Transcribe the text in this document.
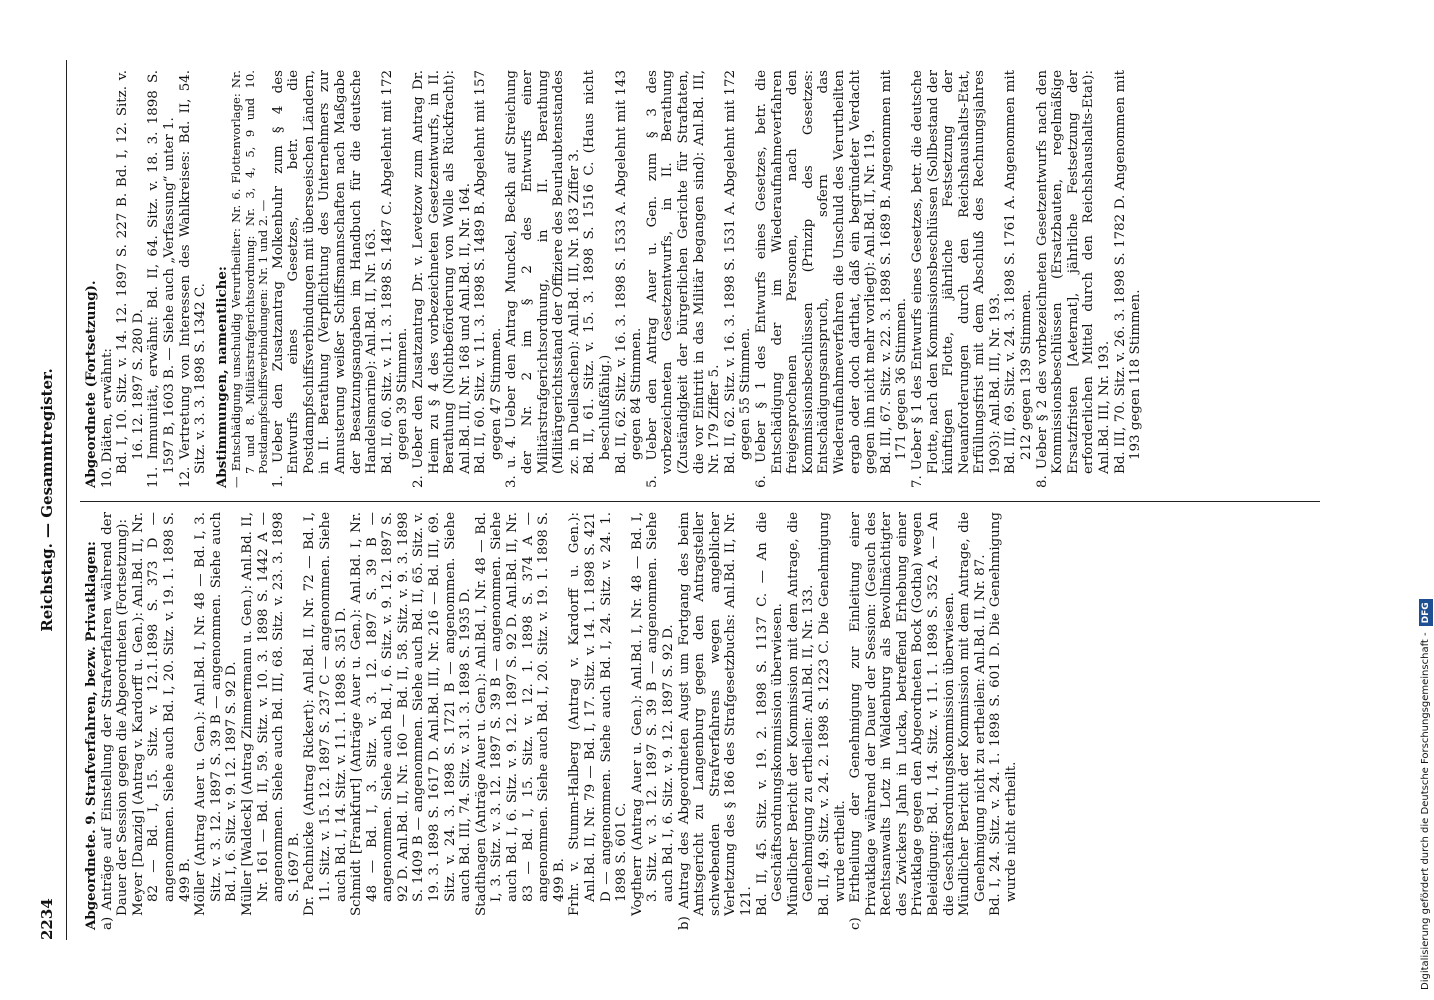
2234
Reichstag. — Gesammtregister.
Abgeordnete. 9. Strafverfahren, bezw. Privatklagen: a) Anträge auf Einstellung der Strafverfahren während der Dauer der Session gegen die Abgeordneten (Fortsetzung): Meyer [Danzig] (Antrag v. Kardorff u. Gen.): Anl.Bd. II, Nr. 82 — Bd. I, 15. Sitz. v. 12.1.1898 S. 373 D — angenommen. Siehe auch Bd. I, 20. Sitz. v. 19. 1. 1898 S. 499 B. Möller (Antrag Auer u. Gen.): Anl.Bd. I, Nr. 48 — Bd. I, 3. Sitz. v. 3. 12. 1897 S. 39 B — angenommen. Siehe auch Bd. I, 6. Sitz. v. 9. 12. 1897 S. 92 D. Müller [Waldeck] (Antrag Zimmermann u. Gen.): Anl.Bd. II, Nr. 161 — Bd. II, 59. Sitz. v. 10. 3. 1898 S. 1442 A — angenommen. Siehe auch Bd. III, 68. Sitz. v. 23. 3. 1898 S. 1697 B. Dr. Pachnicke (Antrag Rickert): Anl.Bd. II, Nr. 72 — Bd. I, 11. Sitz. v. 15. 12. 1897 S. 237 C — angenommen. Siehe auch Bd. I, 14. Sitz. v. 11. 1. 1898 S. 351 D. Schmidt [Frankfurt] (Anträge Auer u. Gen.): Anl.Bd. I, Nr. 48 — Bd. I, 3. Sitz. v. 3. 12. 1897 S. 39 B — angenommen. Siehe auch Bd. I, 6. Sitz. v. 9. 12. 1897 S. 92 D. Anl.Bd. II, Nr. 160 — Bd. II, 58. Sitz. v. 9. 3. 1898 S. 1409 B — angenommen. Siehe auch Bd. II, 65. Sitz. v. 19. 3. 1898 S. 1617 D. Anl.Bd. III, Nr. 216 — Bd. III, 69. Sitz. v. 24. 3. 1898 S. 1721 B — angenommen. Siehe auch Bd. III, 74. Sitz. v. 31. 3. 1898 S. 1935 D. Stadthagen (Anträge Auer u. Gen.): Anl.Bd. I, Nr. 48 — Bd. I, 3. Sitz. v. 3. 12. 1897 S. 39 B — angenommen. Siehe auch Bd. I, 6. Sitz. v. 9. 12. 1897 S. 92 D. Anl.Bd. II, Nr. 83 — Bd. I, 15. Sitz. v. 12. 1. 1898 S. 374 A — angenommen. Siehe auch Bd. I, 20. Sitz. v. 19. 1. 1898 S. 499 B. Frhr. v. Stumm-Halberg (Antrag v. Kardorff u. Gen.): Anl.Bd. II, Nr. 79 — Bd. I, 17. Sitz. v. 14. 1. 1898 S. 421 D — angenommen. Siehe auch Bd. I, 24. Sitz. v. 24. 1. 1898 S. 601 C. Vogtherr (Antrag Auer u. Gen.): Anl.Bd. I, Nr. 48 — Bd. I, 3. Sitz. v. 3. 12. 1897 S. 39 B — angenommen. Siehe auch Bd. I, 6. Sitz. v. 9. 12. 1897 S. 92 D. b) Antrag des Abgeordneten Augst um Fortgang des beim Amtsgericht zu Langenburg gegen den Antragsteller schwebenden Strafverfahrens wegen angeblicher Verletzung des § 186 des Strafgesetzbuchs: Anl.Bd. II, Nr. 121. Bd. II, 45. Sitz. v. 19. 2. 1898 S. 1137 C. — An die Geschäftsordnungskommission überwiesen. Mündlicher Bericht der Kommission mit dem Antrage, die Genehmigung zu ertheilen: Anl.Bd. II, Nr. 133. Bd. II, 49. Sitz. v. 24. 2. 1898 S. 1223 C. Die Genehmigung wurde ertheilt. c) Ertheilung der Genehmigung zur Einleitung einer Privatklage während der Dauer der Session: (Gesuch des Rechtsanwalts Lotz in Waldenburg als Bevollmächtigter des Zwickers Jahn in Lucka, betreffend Erhebung einer Privatklage gegen den Abgeordneten Bock (Gotha) wegen Beleidigung: Bd. I, 14. Sitz. v. 11. 1. 1898 S. 352 A. — An die Geschäftsordnungskommission überwiesen. Mündlicher Bericht der Kommission mit dem Antrage, die Genehmigung nicht zu ertheilen: Anl.Bd. II, Nr. 87. Bd. I, 24. Sitz. v. 24. 1. 1898 S. 601 D. Die Genehmigung wurde nicht ertheilt.
Abgeordnete (Fortsetzung). 10. Diäten, erwähnt: Bd. I, 10. Sitz. v. 14. 12. 1897 S. 227 B. Bd. I, 12. Sitz. v. 16. 12. 1897 S. 280 D. 11. Immunität, erwähnt: Bd. II, 64. Sitz. v. 18. 3. 1898 S. 1597 B, 1603 B. — Siehe auch „Verfassung“ unter 1. 12. Vertretung von Interessen des Wahlkreises: Bd. II, 54. Sitz. v. 3. 3. 1898 S. 1342 C. Abstimmungen, namentliche: — Entschädigung unschuldig Verurtheilter: Nr. 6. Flottenvorlage: Nr. 7 und 8. Militärstrafgerichtsordnung: Nr. 3, 4, 5, 9 und 10. Postdampfschiffsverbindungen: Nr. 1 und 2. — 1. Ueber den Zusatzantrag Molkenbuhr zum § 4 des Entwurfs eines Gesetzes, betr. die Postdampfschiffsverbindungen mit überseeischen Ländern, in II. Berathung (Verpflichtung des Unternehmers zur Annusterung weißer Schiffsmannschaften nach Maßgabe der Besatzungsangaben im Handbuch für die deutsche Handelsmarine): Anl.Bd. II, Nr. 163. Bd. II, 60. Sitz. v. 11. 3. 1898 S. 1487 C. Abgelehnt mit 172 gegen 39 Stimmen. 2. Ueber den Zusatzantrag Dr. v. Levetzow zum Antrag Dr. Heim zu § 4 des vorbezeichneten Gesetzentwurfs, in II. Berathung (Nichtbeförderung von Wolle als Rückfracht): Anl.Bd. III, Nr. 168 und Anl.Bd. II, Nr. 164. Bd. II, 60. Sitz. v. 11. 3. 1898 S. 1489 B. Abgelehnt mit 157 gegen 47 Stimmen. 3. u. 4. Ueber den Antrag Munckel, Beckh auf Streichung der Nr. 2 im § 2 des Entwurfs einer Militärstrafgerichtsordnung, in II. Berathung (Militärgerichtsstand der Offiziere des Beurlaubtenstandes zc. in Duellsachen): Anl.Bd. III, Nr. 183 Ziffer 3. Bd. II, 61. Sitz. v. 15. 3. 1898 S. 1516 C. (Haus nicht beschlußfähig.) Bd. II, 62. Sitz. v. 16. 3. 1898 S. 1533 A. Abgelehnt mit 143 gegen 84 Stimmen. 5. Ueber den Antrag Auer u. Gen. zum § 3 des vorbezeichneten Gesetzentwurfs, in II. Berathung (Zuständigkeit der bürgerlichen Gerichte für Straftaten, die vor Eintritt in das Militär begangen sind): Anl.Bd. III, Nr. 179 Ziffer 5. Bd. II, 62. Sitz. v. 16. 3. 1898 S. 1531 A. Abgelehnt mit 172 gegen 55 Stimmen. 6. Ueber § 1 des Entwurfs eines Gesetzes, betr. die Entschädigung der im Wiederaufnahmeverfahren freigesprochenen Personen, nach den Kommissionsbeschlüssen (Prinzip des Gesetzes: Entschädigungsanspruch, sofern das Wiederaufnahmeverfahren die Unschuld des Verurtheilten ergab oder doch darthat, daß ein begründeter Verdacht gegen ihn nicht mehr vorliegt): Anl.Bd. II, Nr. 119. Bd. III, 67. Sitz. v. 22. 3. 1898 S. 1689 B. Angenommen mit 171 gegen 36 Stimmen. 7. Ueber § 1 des Entwurfs eines Gesetzes, betr. die deutsche Flotte, nach den Kommissionsbeschlüssen (Sollbestand der künftigen Flotte, jährliche Festsetzung der Neuanforderungen durch den Reichshaushalts-Etat, Erfüllungsfrist mit dem Abschluß des Rechnungsjahres 1903): Anl.Bd. III, Nr. 193. Bd. III, 69. Sitz. v. 24. 3. 1898 S. 1761 A. Angenommen mit 212 gegen 139 Stimmen. 8. Ueber § 2 des vorbezeichneten Gesetzentwurfs nach den Kommissionsbeschlüssen (Ersatzbauten, regelmäßige Ersatzfristen [Aeternat], jährliche Festsetzung der erforderlichen Mittel durch den Reichshaushalts-Etat): Anl.Bd. III, Nr. 193. Bd. III, 70. Sitz. v. 26. 3. 1898 S. 1782 D. Angenommen mit 193 gegen 118 Stimmen.
Digitalisierung gefördert durch die Deutsche Forschungsgemeinschaft -DFG
